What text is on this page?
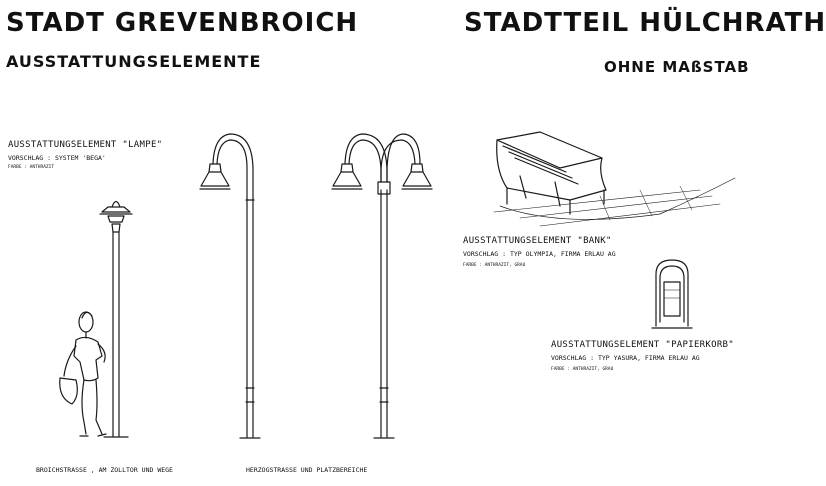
STADT GREVENBROICH
AUSSTATTUNGSELEMENTE
STADTTEIL HÜLCHRATH
OHNE MAßSTAB
AUSSTATTUNGSELEMENT "LAMPE"
VORSCHLAG : SYSTEM 'BEGA'
FARBE : ANTHRAZIT
AUSSTATTUNGSELEMENT "BANK"
VORSCHLAG : TYP OLYMPIA, FIRMA ERLAU AG
FARBE : ANTHRAZIT, GRAU
AUSSTATTUNGSELEMENT "PAPIERKORB"
VORSCHLAG : TYP YASURA, FIRMA ERLAU AG
FARBE : ANTHRAZIT, GRAU
BROICHSTRASSE , AM ZOLLTOR UND WEGE	HERZOGSTRASSE UND PLATZBEREICHE
